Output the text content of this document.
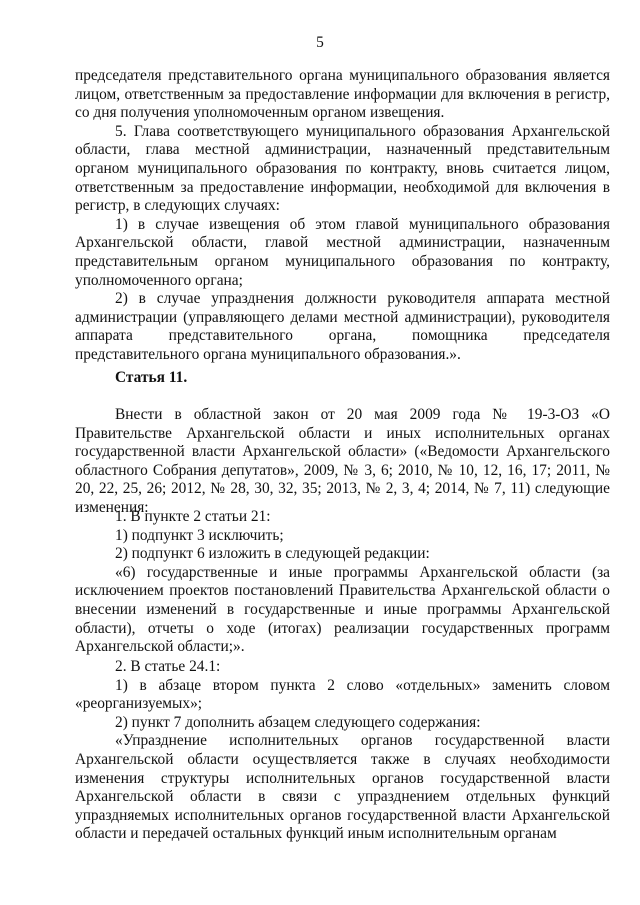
5

председателя представительного органа муниципального образования является лицом, ответственным за предоставление информации для включения в регистр, со дня получения уполномоченным органом извещения.

5. Глава соответствующего муниципального образования Архангельской области, глава местной администрации, назначенный представительным органом муниципального образования по контракту, вновь считается лицом, ответственным за предоставление информации, необходимой для включения в регистр, в следующих случаях:

1) в случае извещения об этом главой муниципального образования Архангельской области, главой местной администрации, назначенным представительным органом муниципального образования по контракту, уполномоченного органа;

2) в случае упразднения должности руководителя аппарата местной администрации (управляющего делами местной администрации), руководителя аппарата представительного органа, помощника председателя представительного органа муниципального образования.».

Статья 11.

Внести в областной закон от 20 мая 2009 года № 19-3-ОЗ «О Правительстве Архангельской области и иных исполнительных органах государственной власти Архангельской области» («Ведомости Архангельского областного Собрания депутатов», 2009, № 3, 6; 2010, № 10, 12, 16, 17; 2011, № 20, 22, 25, 26; 2012, № 28, 30, 32, 35; 2013, № 2, 3, 4; 2014, № 7, 11) следующие изменения:

1. В пункте 2 статьи 21:

1) подпункт 3 исключить;

2) подпункт 6 изложить в следующей редакции:

«6) государственные и иные программы Архангельской области (за исключением проектов постановлений Правительства Архангельской области о внесении изменений в государственные и иные программы Архангельской области), отчеты о ходе (итогах) реализации государственных программ Архангельской области;».

2. В статье 24.1:

1) в абзаце втором пункта 2 слово «отдельных» заменить словом «реорганизуемых»;

2) пункт 7 дополнить абзацем следующего содержания:

«Упразднение исполнительных органов государственной власти Архангельской области осуществляется также в случаях необходимости изменения структуры исполнительных органов государственной власти Архангельской области в связи с упразднением отдельных функций упраздняемых исполнительных органов государственной власти Архангельской области и передачей остальных функций иным исполнительным органам
